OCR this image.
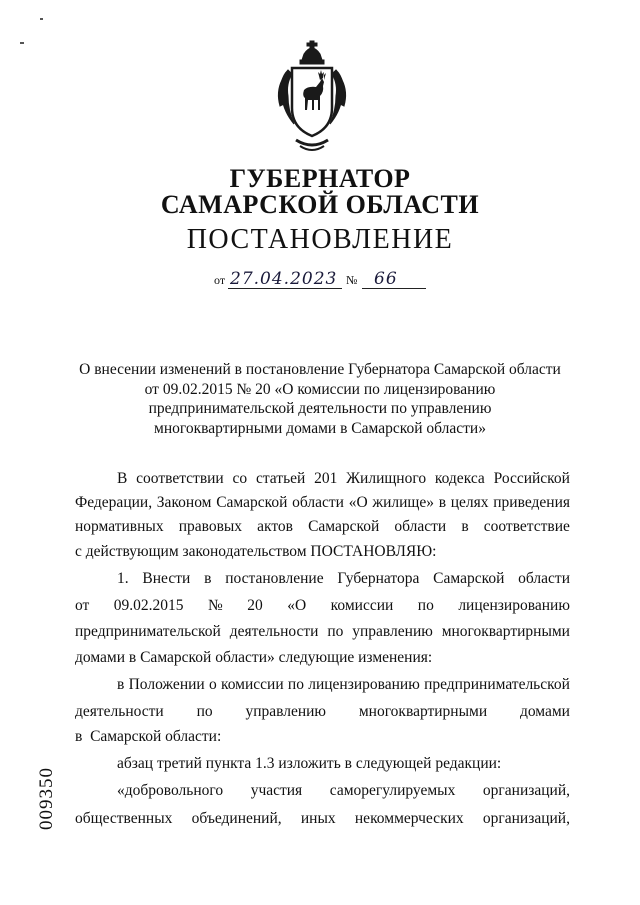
ГУБЕРНАТОР
САМАРСКОЙ ОБЛАСТИ
ПОСТАНОВЛЕНИЕ
от 27.04.2023 № 66
О внесении изменений в постановление Губернатора Самарской области
от 09.02.2015 № 20 «О комиссии по лицензированию
предпринимательской деятельности по управлению
многоквартирными домами в Самарской области»
В соответствии со статьей 201 Жилищного кодекса Российской
Федерации, Законом Самарской области «О жилище» в целях приведения
нормативных правовых актов Самарской области в соответствие
с действующим законодательством ПОСТАНОВЛЯЮ:
1. Внести в постановление Губернатора Самарской области
от 09.02.2015 № 20 «О комиссии по лицензированию
предпринимательской деятельности по управлению многоквартирными
домами в Самарской области» следующие изменения:
в Положении о комиссии по лицензированию предпринимательской
деятельности по управлению многоквартирными домами
в  Самарской области:
абзац третий пункта 1.3 изложить в следующей редакции:
«добровольного участия саморегулируемых организаций,
общественных объединений, иных некоммерческих организаций,
009350
